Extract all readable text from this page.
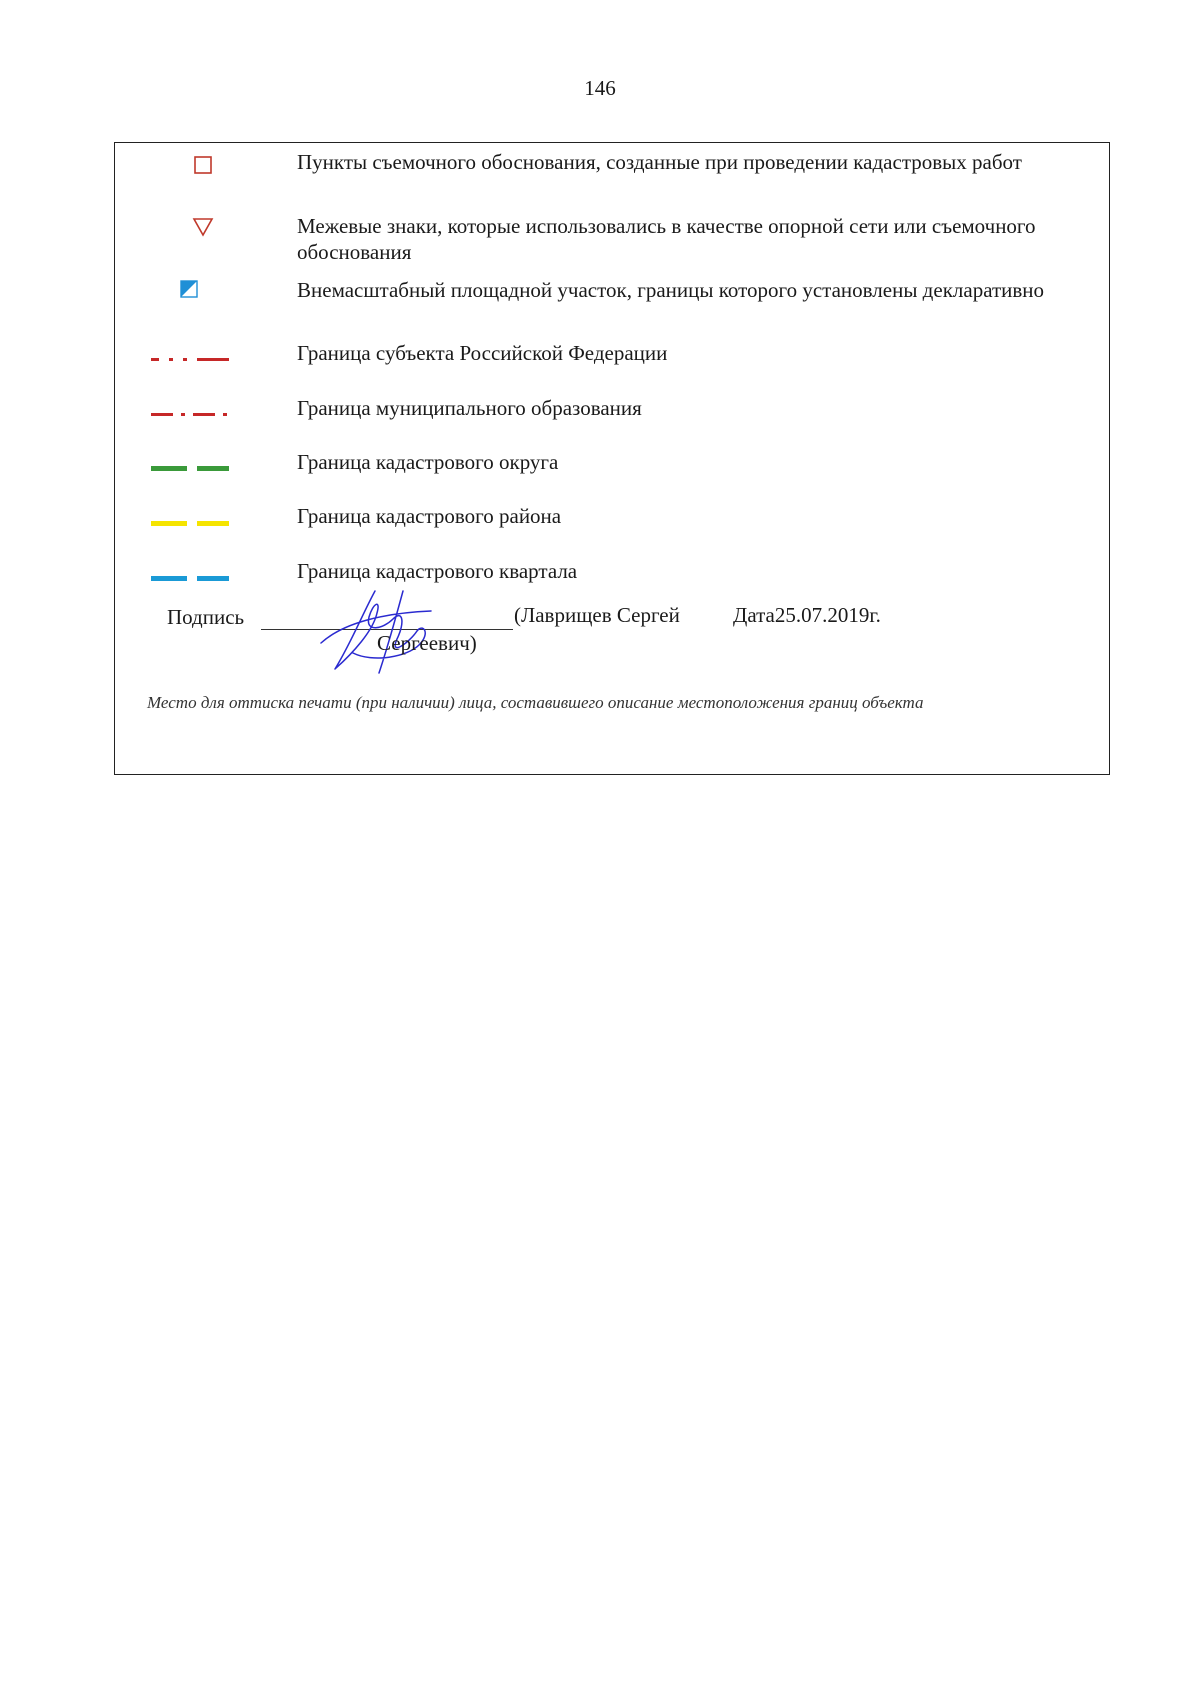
146
Пункты съемочного обоснования, созданные при проведении кадастровых работ
Межевые знаки, которые использовались в качестве опорной сети или съемочного обоснования
Внемасштабный площадной участок, границы которого установлены декларативно
Граница субъекта Российской Федерации
Граница муниципального образования
Граница кадастрового округа
Граница кадастрового района
Граница кадастрового квартала
Подпись	(Лаврищев Сергей
Сергеевич)
Дата25.07.2019г.
Место для оттиска печати (при наличии) лица, составившего описание местоположения границ объекта
